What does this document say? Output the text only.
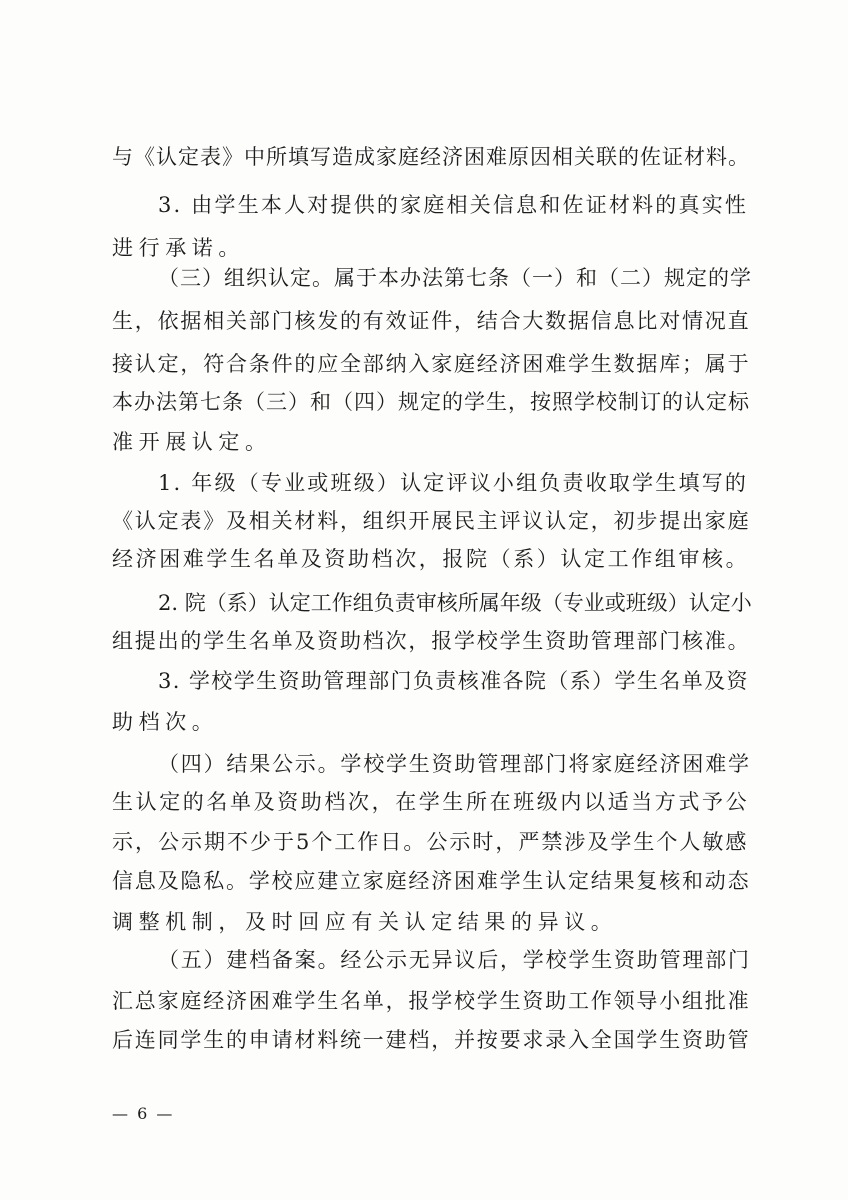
与《认定表》中所填写造成家庭经济困难原因相关联的佐证材料。
3. 由学生本人对提供的家庭相关信息和佐证材料的真实性
进行承诺。
（三）组织认定。属于本办法第七条（一）和（二）规定的学
生，依据相关部门核发的有效证件，结合大数据信息比对情况直
接认定，符合条件的应全部纳入家庭经济困难学生数据库；属于
本办法第七条（三）和（四）规定的学生，按照学校制订的认定标
准开展认定。
1. 年级（专业或班级）认定评议小组负责收取学生填写的
《认定表》及相关材料，组织开展民主评议认定，初步提出家庭
经济困难学生名单及资助档次，报院（系）认定工作组审核。
2. 院（系）认定工作组负责审核所属年级（专业或班级）认定小
组提出的学生名单及资助档次，报学校学生资助管理部门核准。
3. 学校学生资助管理部门负责核准各院（系）学生名单及资
助档次。
（四）结果公示。学校学生资助管理部门将家庭经济困难学
生认定的名单及资助档次，在学生所在班级内以适当方式予公
示，公示期不少于5个工作日。公示时，严禁涉及学生个人敏感
信息及隐私。学校应建立家庭经济困难学生认定结果复核和动态
调整机制，及时回应有关认定结果的异议。
（五）建档备案。经公示无异议后，学校学生资助管理部门
汇总家庭经济困难学生名单，报学校学生资助工作领导小组批准
后连同学生的申请材料统一建档，并按要求录入全国学生资助管
— 6 —
